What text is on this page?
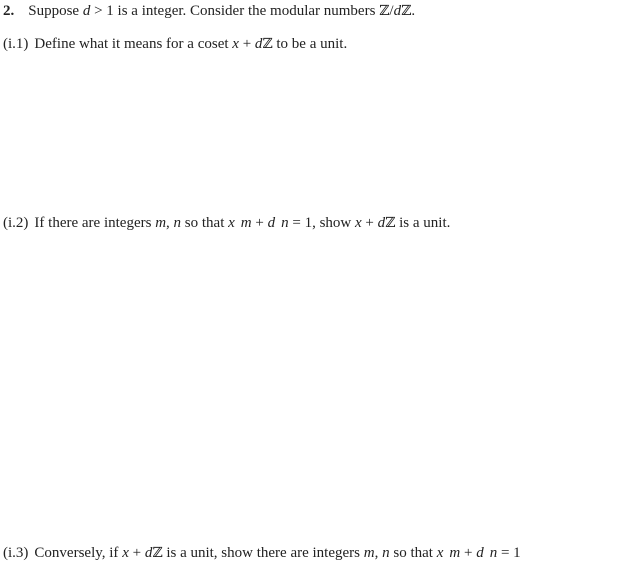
2. Suppose d > 1 is a integer. Consider the modular numbers ℤ/dℤ.
(i.1) Define what it means for a coset x + dℤ to be a unit.
(i.2) If there are integers m, n so that x m + d n = 1, show x + dℤ is a unit.
(i.3) Conversely, if x + dℤ is a unit, show there are integers m, n so that x m + d n = 1
